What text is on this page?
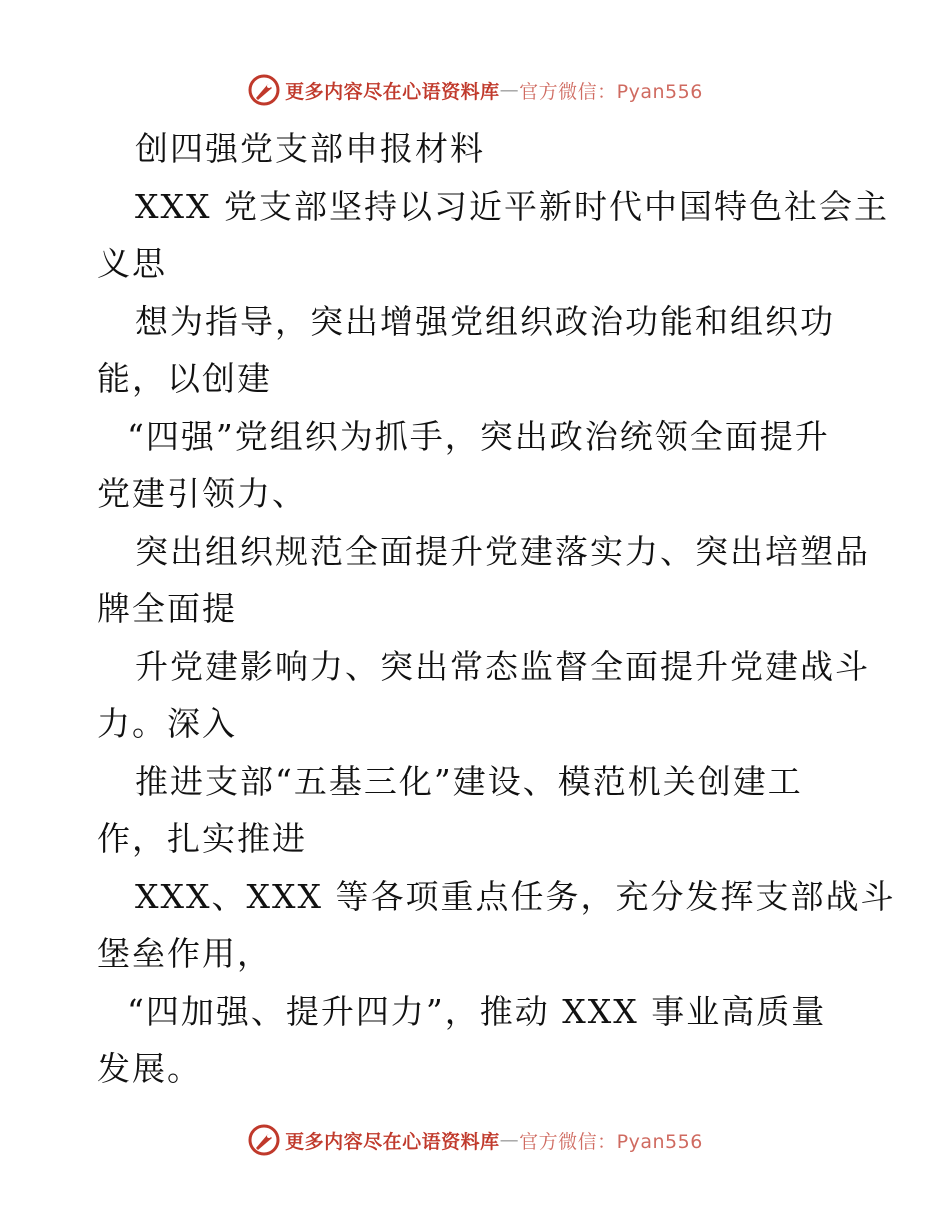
更多内容尽在心语资料库 — 官方微信：Pyan556
创四强党支部申报材料
XXX 党支部坚持以习近平新时代中国特色社会主
义思
想为指导，突出增强党组织政治功能和组织功
能，以创建
“四强”党组织为抓手，突出政治统领全面提升
党建引领力、
突出组织规范全面提升党建落实力、突出培塑品
牌全面提
升党建影响力、突出常态监督全面提升党建战斗
力。深入
推进支部“五基三化”建设、模范机关创建工
作，扎实推进
XXX、XXX 等各项重点任务，充分发挥支部战斗
堡垒作用，
“四加强、提升四力”，推动 XXX 事业高质量
发展。
更多内容尽在心语资料库 — 官方微信：Pyan556
